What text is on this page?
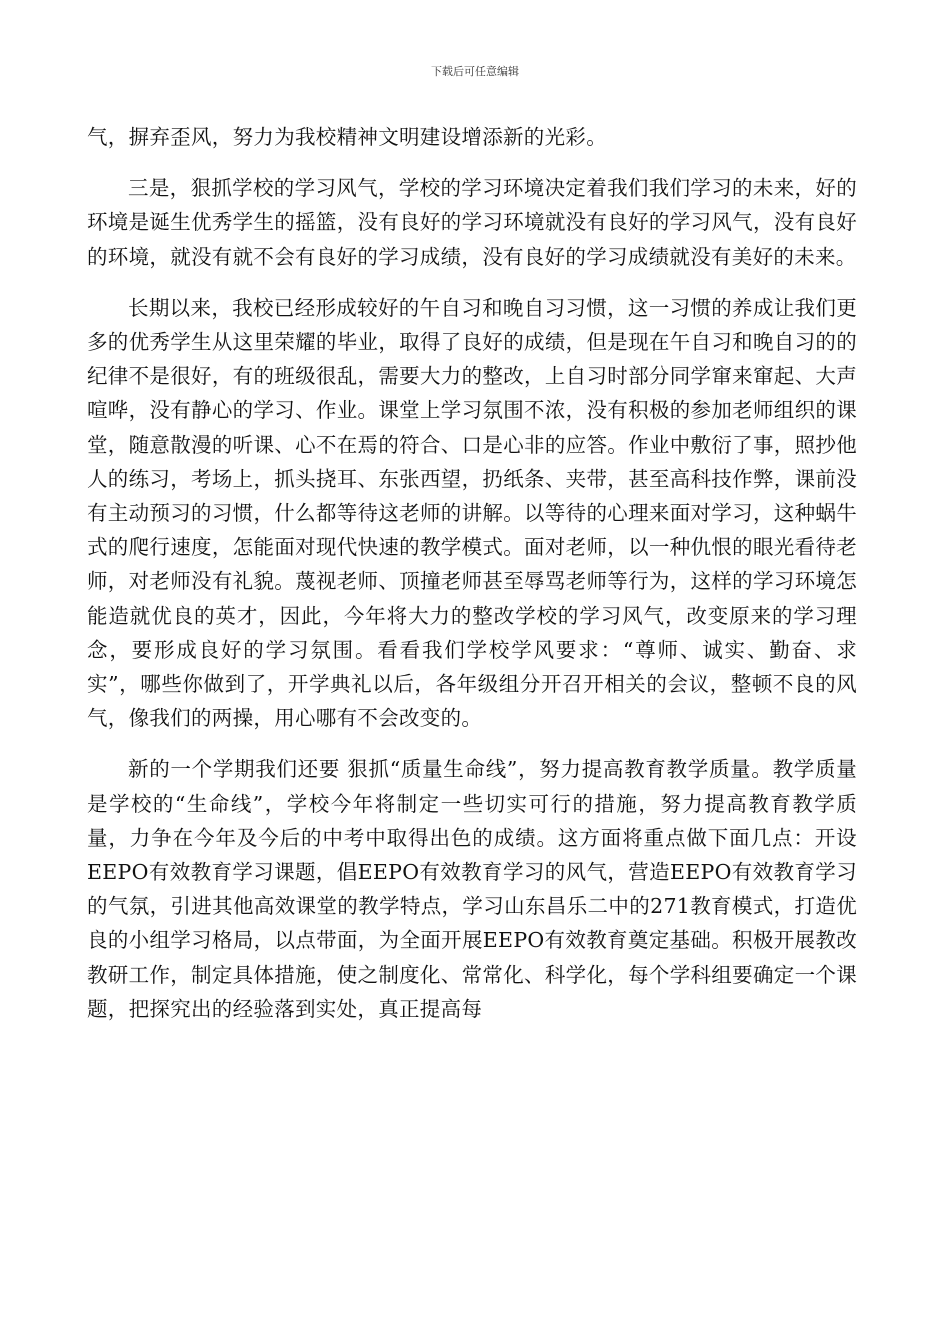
下载后可任意编辑

气，摒弃歪风，努力为我校精神文明建设增添新的光彩。

三是，狠抓学校的学习风气，学校的学习环境决定着我们我们学习的未来，好的环境是诞生优秀学生的摇篮，没有良好的学习环境就没有良好的学习风气，没有良好的环境，就没有就不会有良好的学习成绩，没有良好的学习成绩就没有美好的未来。

长期以来，我校已经形成较好的午自习和晚自习习惯，这一习惯的养成让我们更多的优秀学生从这里荣耀的毕业，取得了良好的成绩，但是现在午自习和晚自习的的纪律不是很好，有的班级很乱，需要大力的整改，上自习时部分同学窜来窜起、大声喧哗，没有静心的学习、作业。课堂上学习氛围不浓，没有积极的参加老师组织的课堂，随意散漫的听课、心不在焉的符合、口是心非的应答。作业中敷衍了事，照抄他人的练习，考场上，抓头挠耳、东张西望，扔纸条、夹带，甚至高科技作弊，课前没有主动预习的习惯，什么都等待这老师的讲解。以等待的心理来面对学习，这种蜗牛式的爬行速度，怎能面对现代快速的教学模式。面对老师，以一种仇恨的眼光看待老师，对老师没有礼貌。蔑视老师、顶撞老师甚至辱骂老师等行为，这样的学习环境怎能造就优良的英才，因此，今年将大力的整改学校的学习风气，改变原来的学习理念，要形成良好的学习氛围。看看我们学校学风要求：“尊师、诚实、勤奋、求实”，哪些你做到了，开学典礼以后，各年级组分开召开相关的会议，整顿不良的风气，像我们的两操，用心哪有不会改变的。

新的一个学期我们还要 狠抓“质量生命线”，努力提高教育教学质量。教学质量是学校的“生命线”，学校今年将制定一些切实可行的措施，努力提高教育教学质量，力争在今年及今后的中考中取得出色的成绩。这方面将重点做下面几点：开设EEPO有效教育学习课题，倡EEPO有效教育学习的风气，营造EEPO有效教育学习的气氛，引进其他高效课堂的教学特点，学习山东昌乐二中的271教育模式，打造优良的小组学习格局，以点带面，为全面开展EEPO有效教育奠定基础。积极开展教改教研工作，制定具体措施，使之制度化、常常化、科学化，每个学科组要确定一个课题，把探究出的经验落到实处，真正提高每
